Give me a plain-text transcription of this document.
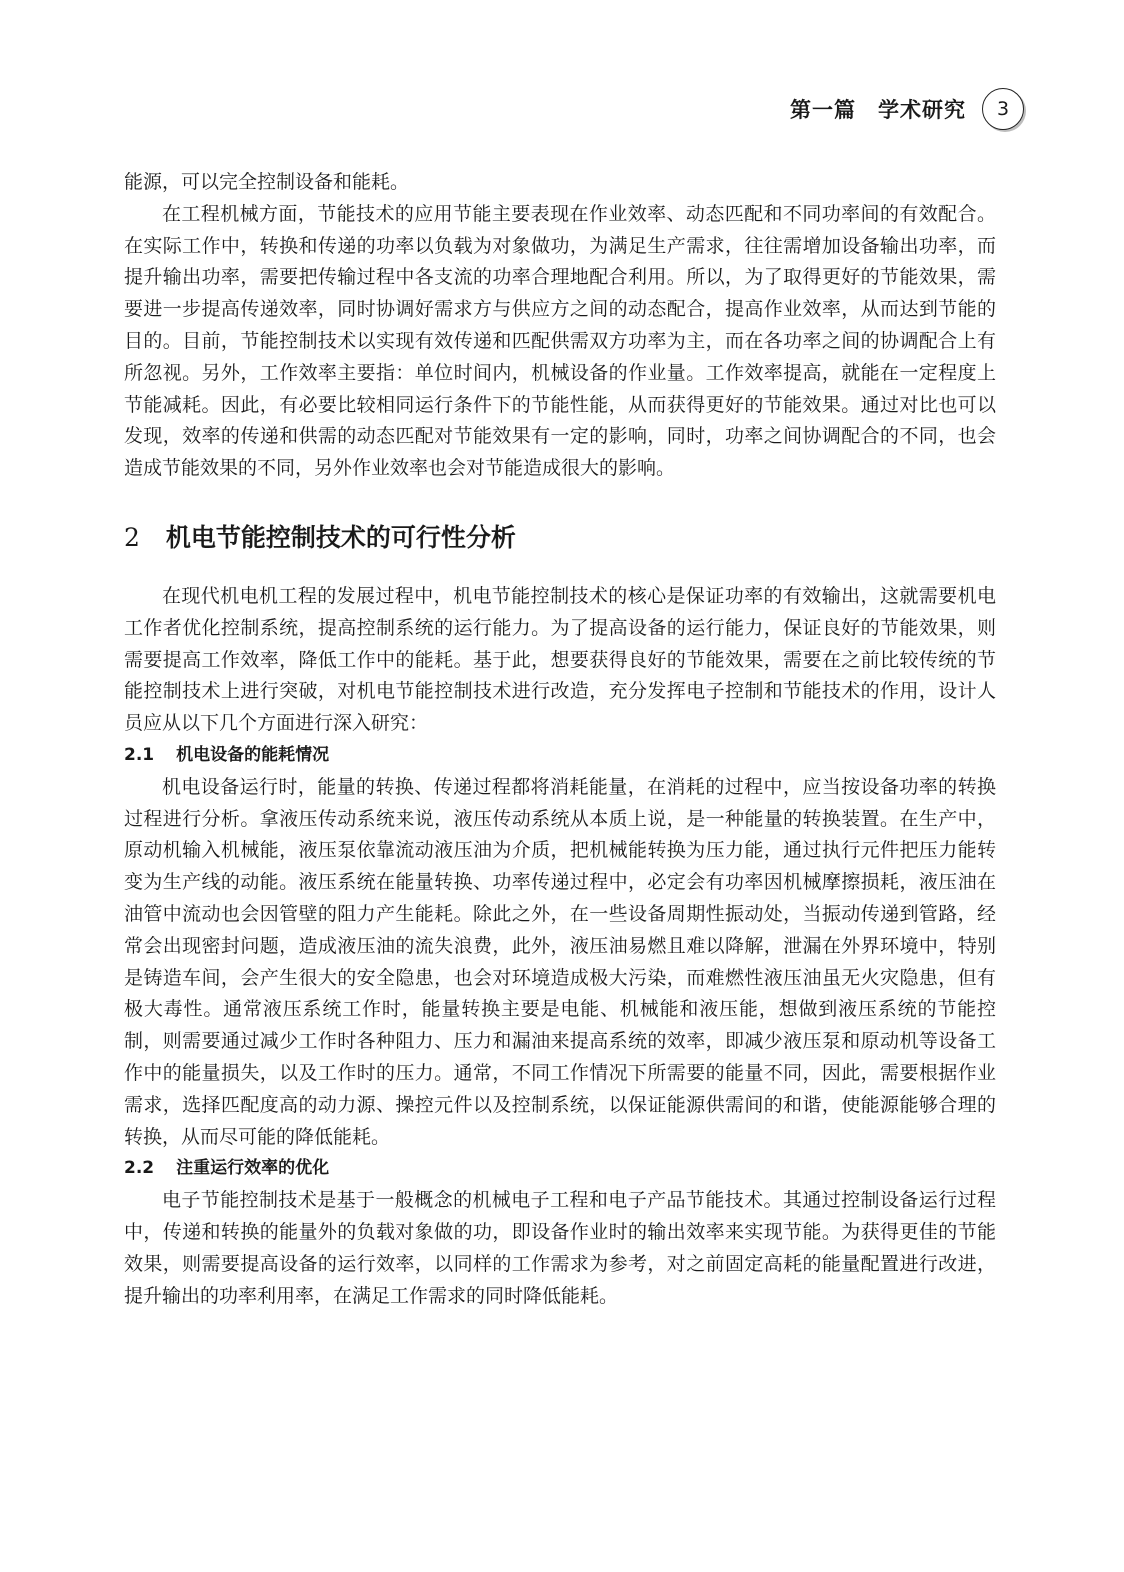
第一篇　学术研究 3

能源，可以完全控制设备和能耗。

在工程机械方面，节能技术的应用节能主要表现在作业效率、动态匹配和不同功率间的有效配合。在实际工作中，转换和传递的功率以负载为对象做功，为满足生产需求，往往需增加设备输出功率，而提升输出功率，需要把传输过程中各支流的功率合理地配合利用。所以，为了取得更好的节能效果，需要进一步提高传递效率，同时协调好需求方与供应方之间的动态配合，提高作业效率，从而达到节能的目的。目前，节能控制技术以实现有效传递和匹配供需双方功率为主，而在各功率之间的协调配合上有所忽视。另外，工作效率主要指：单位时间内，机械设备的作业量。工作效率提高，就能在一定程度上节能减耗。因此，有必要比较相同运行条件下的节能性能，从而获得更好的节能效果。通过对比也可以发现，效率的传递和供需的动态匹配对节能效果有一定的影响，同时，功率之间协调配合的不同，也会造成节能效果的不同，另外作业效率也会对节能造成很大的影响。

2 机电节能控制技术的可行性分析

在现代机电机工程的发展过程中，机电节能控制技术的核心是保证功率的有效输出，这就需要机电工作者优化控制系统，提高控制系统的运行能力。为了提高设备的运行能力，保证良好的节能效果，则需要提高工作效率，降低工作中的能耗。基于此，想要获得良好的节能效果，需要在之前比较传统的节能控制技术上进行突破，对机电节能控制技术进行改造，充分发挥电子控制和节能技术的作用，设计人员应从以下几个方面进行深入研究：

2.1 机电设备的能耗情况

机电设备运行时，能量的转换、传递过程都将消耗能量，在消耗的过程中，应当按设备功率的转换过程进行分析。拿液压传动系统来说，液压传动系统从本质上说，是一种能量的转换装置。在生产中，原动机输入机械能，液压泵依靠流动液压油为介质，把机械能转换为压力能，通过执行元件把压力能转变为生产线的动能。液压系统在能量转换、功率传递过程中，必定会有功率因机械摩擦损耗，液压油在油管中流动也会因管壁的阻力产生能耗。除此之外，在一些设备周期性振动处，当振动传递到管路，经常会出现密封问题，造成液压油的流失浪费，此外，液压油易燃且难以降解，泄漏在外界环境中，特别是铸造车间，会产生很大的安全隐患，也会对环境造成极大污染，而难燃性液压油虽无火灾隐患，但有极大毒性。通常液压系统工作时，能量转换主要是电能、机械能和液压能，想做到液压系统的节能控制，则需要通过减少工作时各种阻力、压力和漏油来提高系统的效率，即减少液压泵和原动机等设备工作中的能量损失，以及工作时的压力。通常，不同工作情况下所需要的能量不同，因此，需要根据作业需求，选择匹配度高的动力源、操控元件以及控制系统，以保证能源供需间的和谐，使能源能够合理的转换，从而尽可能的降低能耗。

2.2 注重运行效率的优化

电子节能控制技术是基于一般概念的机械电子工程和电子产品节能技术。其通过控制设备运行过程中，传递和转换的能量外的负载对象做的功，即设备作业时的输出效率来实现节能。为获得更佳的节能效果，则需要提高设备的运行效率，以同样的工作需求为参考，对之前固定高耗的能量配置进行改进，提升输出的功率利用率，在满足工作需求的同时降低能耗。
